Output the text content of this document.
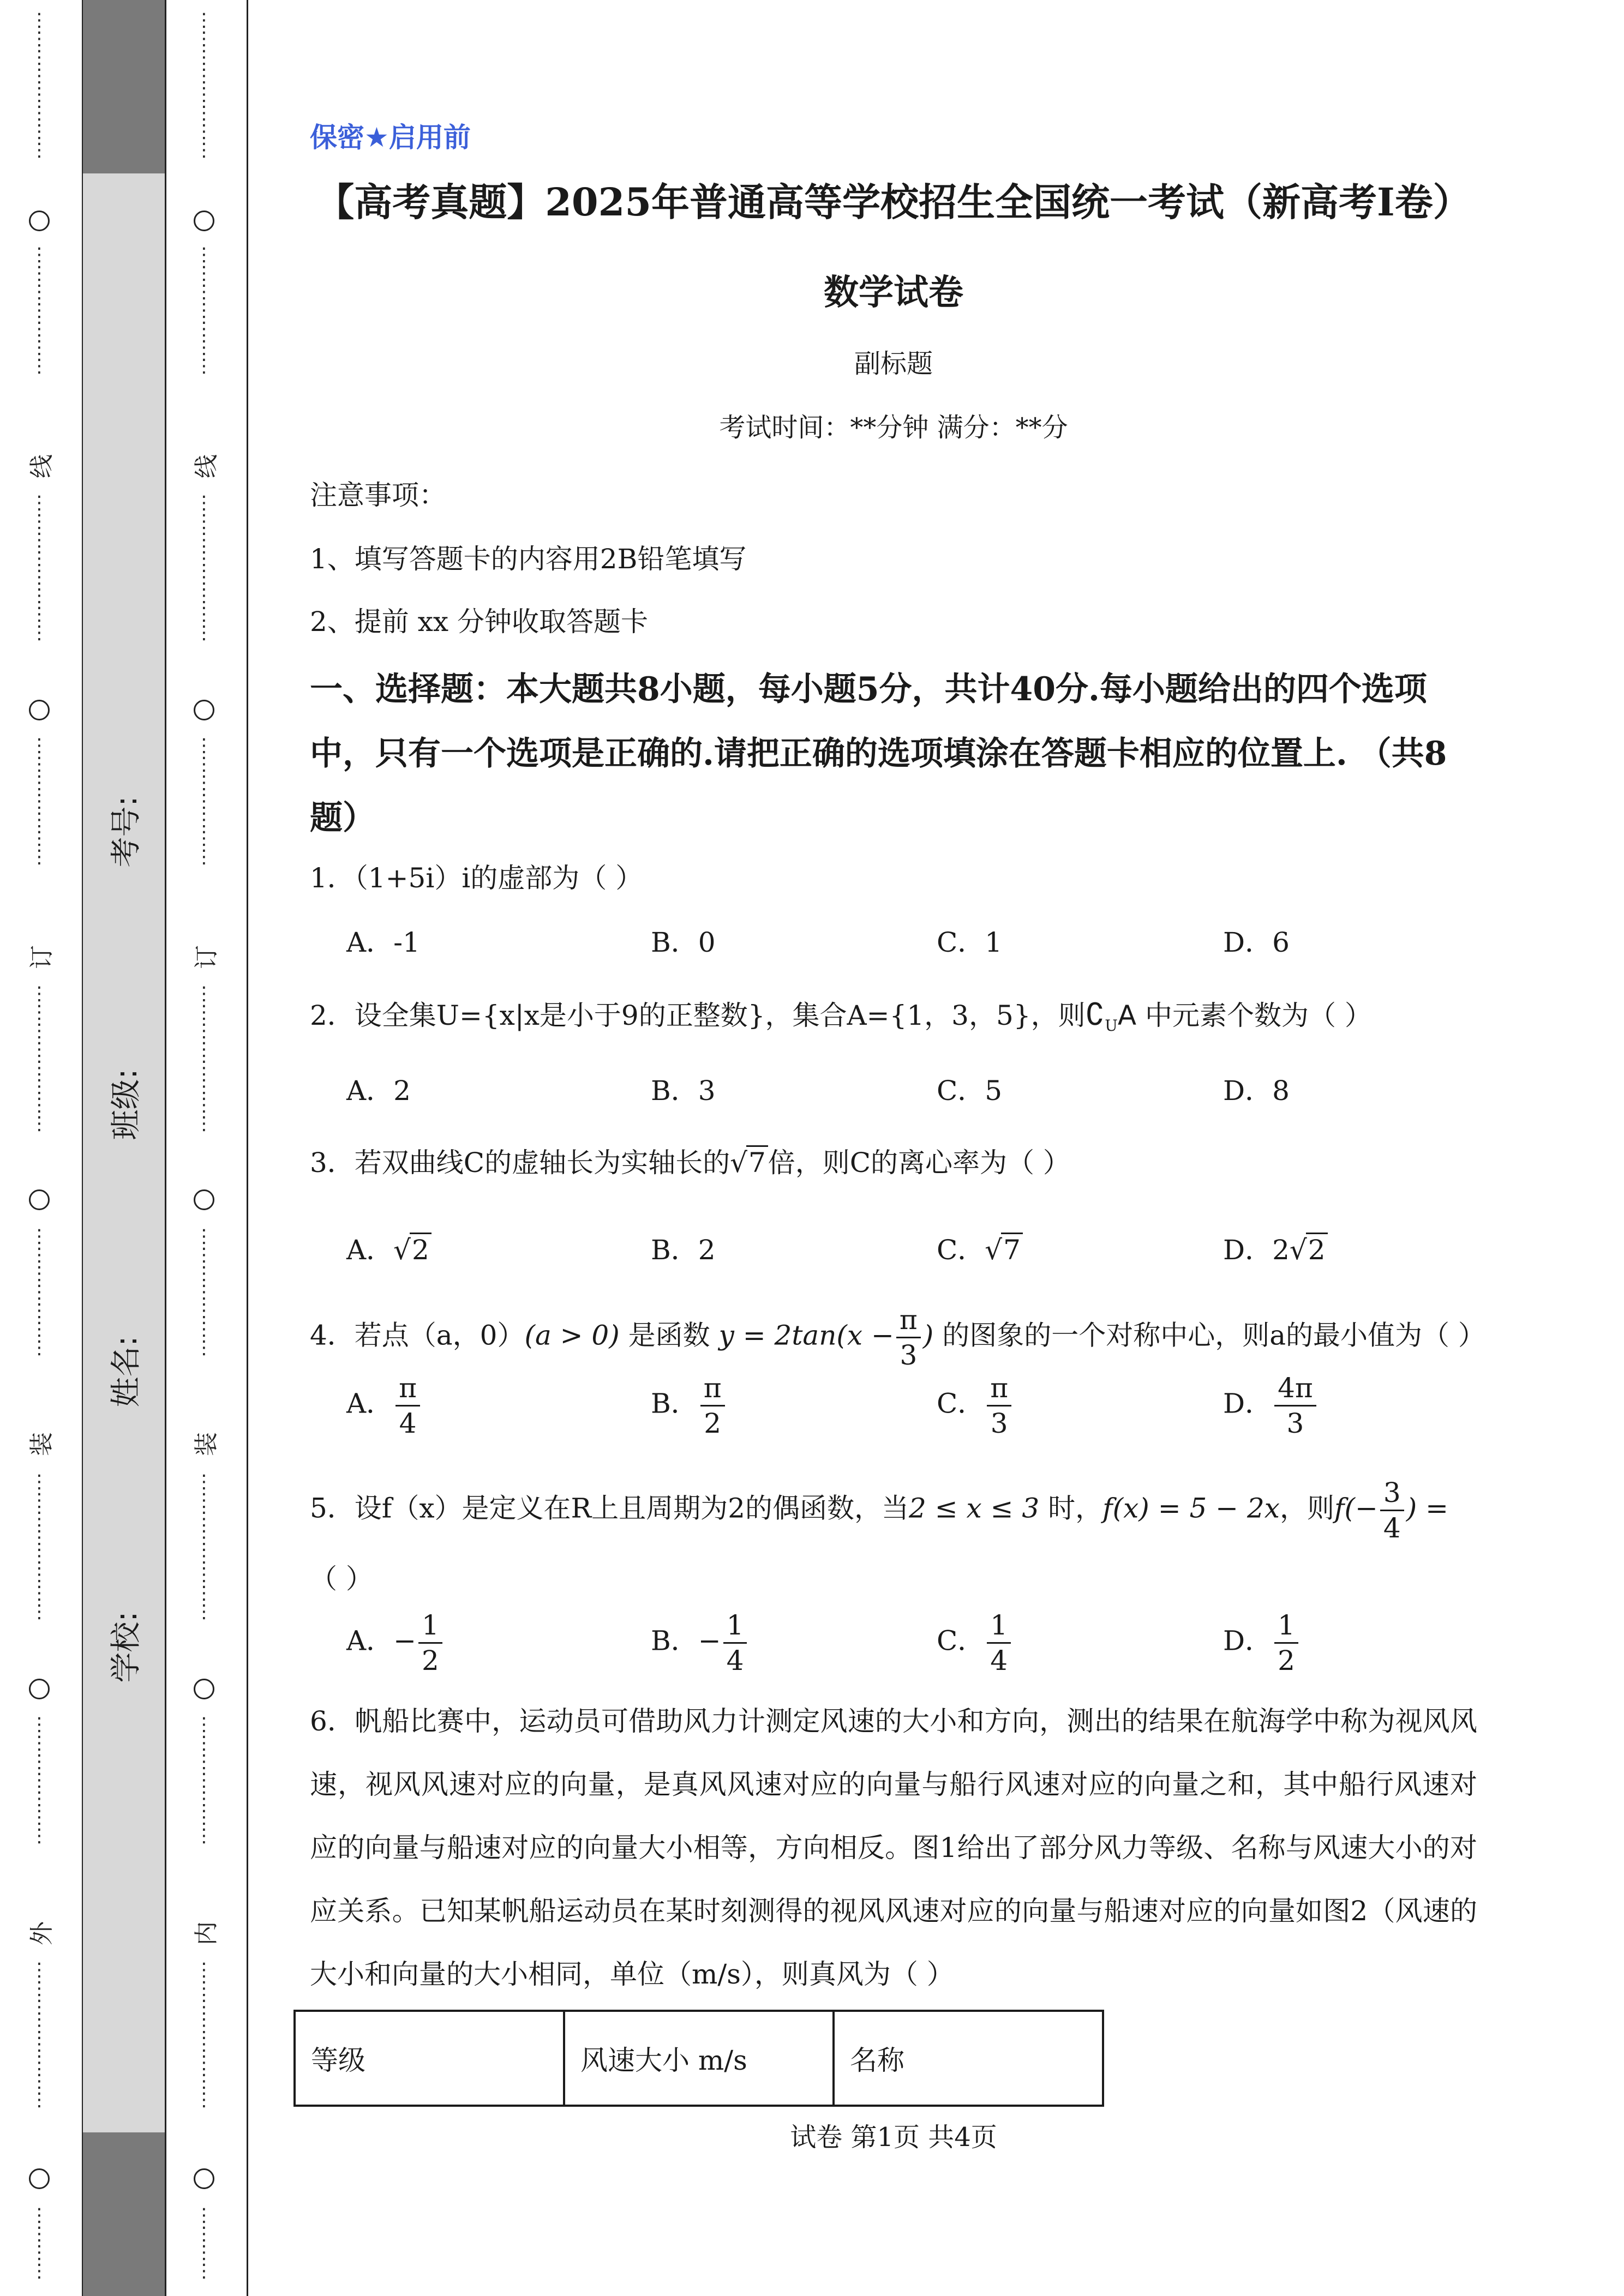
⋮
⋮
⋮
⋮
⋮
⋮
⋮
⋮
⋮
⋮
⋮
⋮
⋮
⋮
⋮
线
⋮
⋮
⋮
⋮
⋮
⋮
⋮
⋮
⋮
⋮
⋮
⋮
⋮
⋮
⋮
订
⋮
⋮
⋮
⋮
⋮
⋮
⋮
⋮
⋮
⋮
⋮
⋮
⋮
⋮
⋮
装
⋮
⋮
⋮
⋮
⋮
⋮
⋮
⋮
⋮
⋮
⋮
⋮
⋮
⋮
⋮
外
⋮
⋮
⋮
⋮
⋮
⋮
⋮
⋮
⋮
⋮
⋮
⋮
考号:
班级:
姓名:
学校:
⋮
⋮
⋮
⋮
⋮
⋮
⋮
⋮
⋮
⋮
⋮
⋮
⋮
⋮
⋮
线
⋮
⋮
⋮
⋮
⋮
⋮
⋮
⋮
⋮
⋮
⋮
⋮
⋮
⋮
⋮
订
⋮
⋮
⋮
⋮
⋮
⋮
⋮
⋮
⋮
⋮
⋮
⋮
⋮
⋮
⋮
装
⋮
⋮
⋮
⋮
⋮
⋮
⋮
⋮
⋮
⋮
⋮
⋮
⋮
⋮
⋮
内
⋮
⋮
⋮
⋮
⋮
⋮
⋮
⋮
⋮
⋮
⋮
⋮
保密★启用前
【高考真题】2025年普通高等学校招生全国统一考试（新高考Ⅰ卷）
数学试卷
副标题
考试时间：**分钟 满分：**分
注意事项：
1、填写答题卡的内容用2B铅笔填写
2、提前 xx 分钟收取答题卡
一、选择题：本大题共8小题，每小题5分，共计40分.每小题给出的四个选项中，只有一个选项是正确的.请把正确的选项填涂在答题卡相应的位置上. （共8题）
1．（1+5i）i的虚部为（ ）
A．-1	B．0	C．1	D．6
2．设全集U={x|x是小于9的正整数}，集合A={1，3，5}，则$∁_UA$ 中元素个数为（ ）
A．2	B．3	C．5	D．8
3．若双曲线C的虚轴长为实轴长的√7倍，则C的离心率为（ ）
A．√2	B．2	C．√7	D．2√2
4．若点（a，0）(a > 0) 是函数 $y = 2\tan(x - \frac{\pi}{3}$ ) 的图象的一个对称中心，则a的最小值为（ ）
A． $\frac{\pi}{4}$	B． $\frac{\pi}{2}$	C． $\frac{\pi}{3}$	D． $\frac{4\pi}{3}$
5．设f（x）是定义在R上且周期为2的偶函数，当2 ≤ x ≤ 3 时，f(x) = 5 − 2x，则$f(- \frac{3}{4}$ ) =
（ ）
A．− $\frac{1}{2}$	B．− $\frac{1}{4}$	C． $\frac{1}{4}$	D． $\frac{1}{2}$
6．帆船比赛中，运动员可借助风力计测定风速的大小和方向，测出的结果在航海学中称为视风风速，视风风速对应的向量，是真风风速对应的向量与船行风速对应的向量之和，其中船行风速对应的向量与船速对应的向量大小相等，方向相反。图1给出了部分风力等级、名称与风速大小的对应关系。已知某帆船运动员在某时刻测得的视风风速对应的向量与船速对应的向量如图2（风速的大小和向量的大小相同，单位（m/s），则真风为（ ）
等级	风速大小 m/s	名称
试卷 第1页 共4页
